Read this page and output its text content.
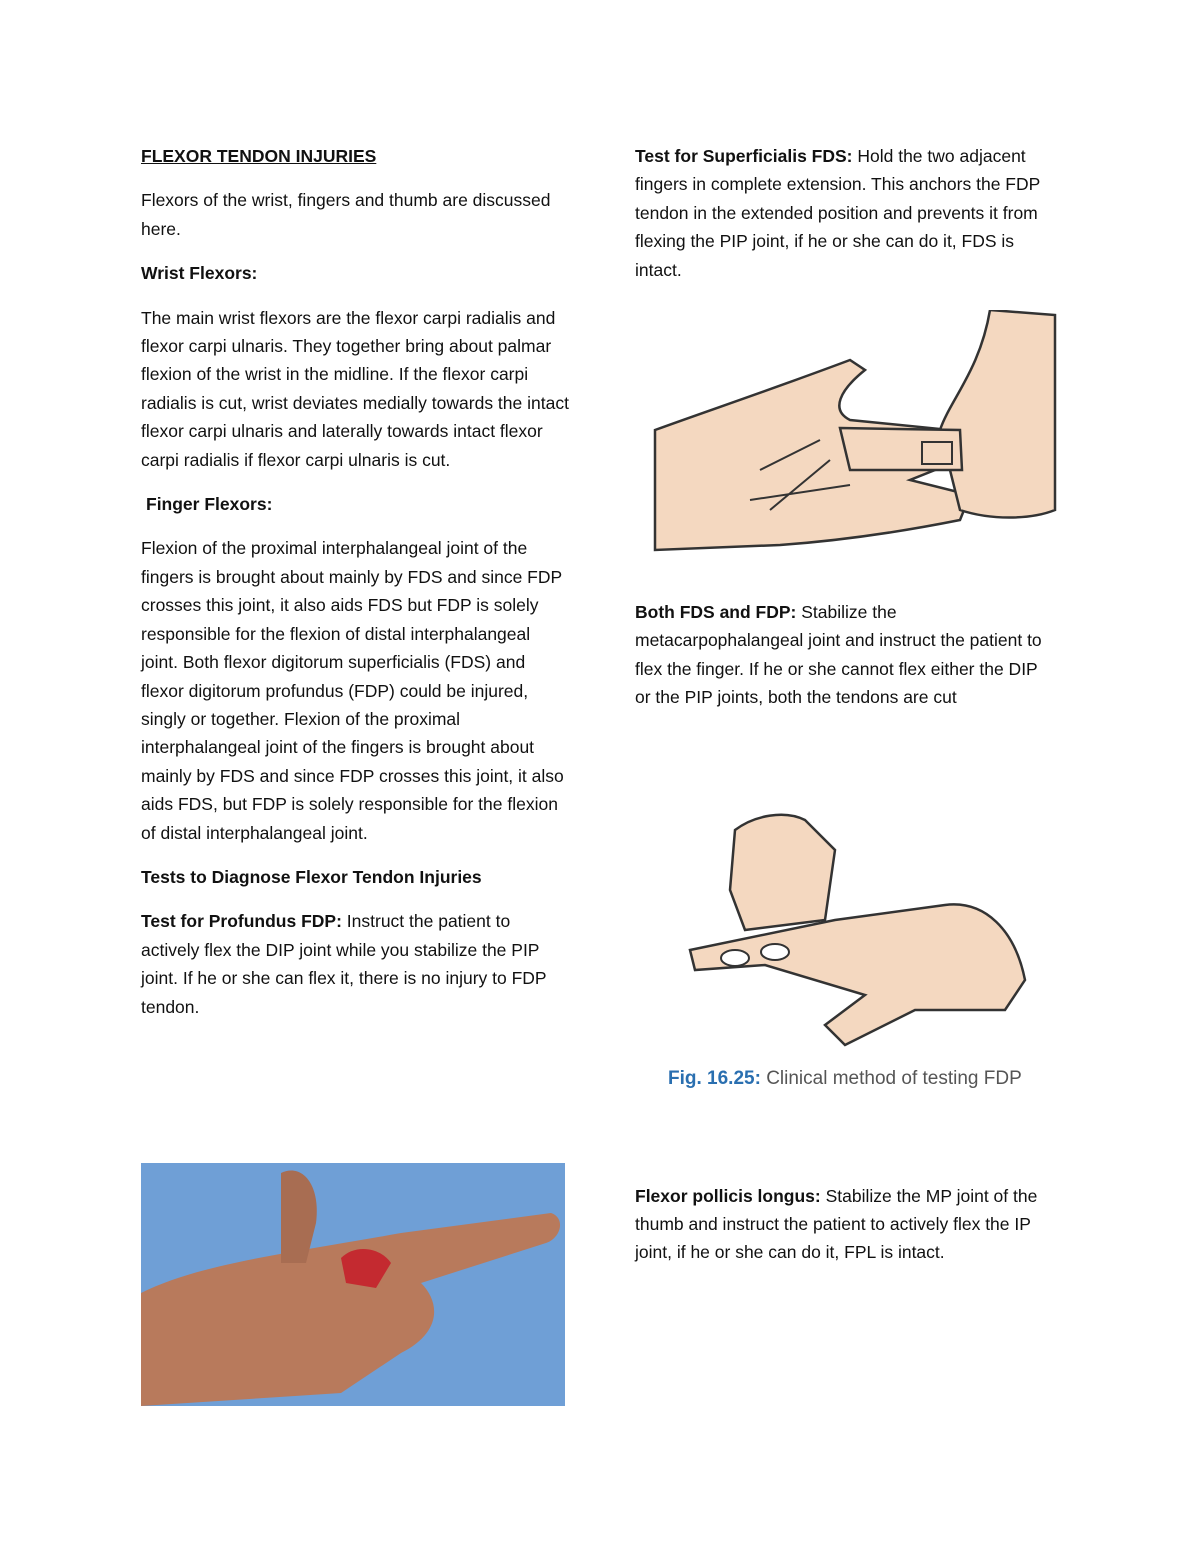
FLEXOR TENDON INJURIES

Flexors of the wrist, fingers and thumb are discussed here.

Wrist Flexors:

The main wrist flexors are the flexor carpi radialis and flexor carpi ulnaris. They together bring about palmar flexion of the wrist in the midline. If the flexor carpi radialis is cut, wrist deviates medially towards the intact flexor carpi ulnaris and laterally towards intact flexor carpi radialis if flexor carpi ulnaris is cut.

Finger Flexors:

Flexion of the proximal interphalangeal joint of the fingers is brought about mainly by FDS and since FDP crosses this joint, it also aids FDS but FDP is solely responsible for the flexion of distal interphalangeal joint. Both flexor digitorum superficialis (FDS) and flexor digitorum profundus (FDP) could be injured, singly or together. Flexion of the proximal interphalangeal joint of the fingers is brought about mainly by FDS and since FDP crosses this joint, it also aids FDS, but FDP is solely responsible for the flexion of distal interphalangeal joint.

Tests to Diagnose Flexor Tendon Injuries

Test for Profundus FDP: Instruct the patient to actively flex the DIP joint while you stabilize the PIP joint. If he or she can flex it, there is no injury to FDP tendon.

Test for Superficialis FDS: Hold the two adjacent fingers in complete extension. This anchors the FDP tendon in the extended position and prevents it from flexing the PIP joint, if he or she can do it, FDS is intact.

Both FDS and FDP: Stabilize the metacarpophalangeal joint and instruct the patient to flex the finger. If he or she cannot flex either the DIP or the PIP joints, both the tendons are cut

Flexor pollicis longus: Stabilize the MP joint of the thumb and instruct the patient to actively flex the IP joint, if he or she can do it, FPL is intact.

Fig. 16.25: Clinical method of testing FDP
